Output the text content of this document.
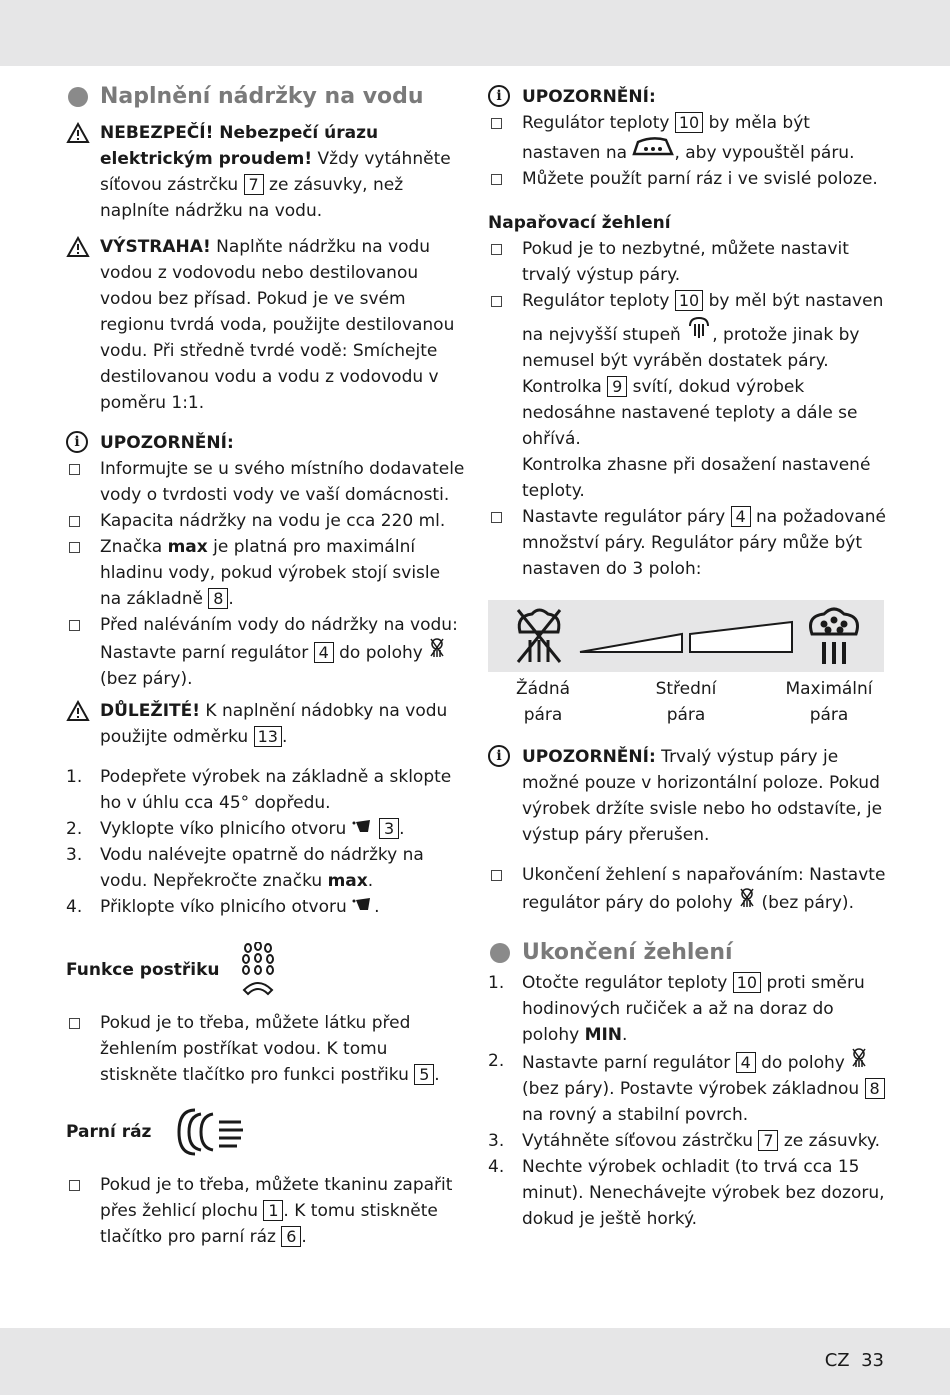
Naplnění nádržky na vodu
NEBEZPEČÍ! Nebezpečí úrazu elektrickým proudem! Vždy vytáhněte síťovou zástrčku 7 ze zásuvky, než naplníte nádržku na vodu.
VÝSTRAHA! Naplňte nádržku na vodu vodou z vodovodu nebo destilovanou vodou bez přísad. Pokud je ve svém regionu tvrdá voda, použijte destilovanou vodu. Při středně tvrdé vodě: Smíchejte destilovanou vodu a vodu z vodovodu v poměru 1:1.
i	UPOZORNĚNÍ:
Informujte se u svého místního dodavatele vody o tvrdosti vody ve vaší domácnosti.
Kapacita nádržky na vodu je cca 220 ml.
Značka max je platná pro maximální hladinu vody, pokud výrobek stojí svisle na základně 8 .
Před naléváním vody do nádržky na vodu: Nastavte parní regulátor 4 do polohy
(bez páry).
DŮLEŽITÉ! K naplnění nádobky na vodu použijte odměrku 13 .
1. Podepřete výrobek na základně a sklopte ho v úhlu cca 45° dopředu.
2. Vyklopte víko plnicího otvoru  3 .
3. Vodu nalévejte opatrně do nádržky na vodu. Nepřekročte značku max.
4. Přiklopte víko plnicího otvoru .
Funkce postřiku
Pokud je to třeba, můžete látku před žehlením postříkat vodou. K tomu stiskněte tlačítko pro funkci postřiku 5 .
Parní ráz
Pokud je to třeba, můžete tkaninu zapařit přes žehlicí plochu 1 . K tomu stiskněte tlačítko pro parní ráz 6 .
i	UPOZORNĚNÍ:
Regulátor teploty 10 by měla být nastaven na , aby vypouštěl páru.
Můžete použít parní ráz i ve svislé poloze.
Napařovací žehlení
Pokud je to nezbytné, můžete nastavit trvalý výstup páry.
Regulátor teploty 10 by měl být nastaven na nejvyšší stupeň , protože jinak by nemusel být vyráběn dostatek páry. Kontrolka 9 svítí, dokud výrobek nedosáhne nastavené teploty a dále se ohřívá.
Kontrolka zhasne při dosažení nastavené teploty.
Nastavte regulátor páry 4 na požadované množství páry. Regulátor páry může být nastaven do 3 poloh:
Žádná
pára
Střední
pára
Maximální
pára
i	UPOZORNĚNÍ: Trvalý výstup páry je možné pouze v horizontální poloze. Pokud výrobek držíte svisle nebo ho odstavíte, je výstup páry přerušen.
Ukončení žehlení s napařováním: Nastavte regulátor páry do polohy  (bez páry).
Ukončení žehlení
1. Otočte regulátor teploty 10 proti směru hodinových ručiček a až na doraz do polohy MIN.
2. Nastavte parní regulátor 4 do polohy  (bez páry). Postavte výrobek základnou 8 na rovný a stabilní povrch.
3. Vytáhněte síťovou zástrčku 7 ze zásuvky.
4. Nechte výrobek ochladit (to trvá cca 15 minut). Nenechávejte výrobek bez dozoru, dokud je ještě horký.
CZ 33
